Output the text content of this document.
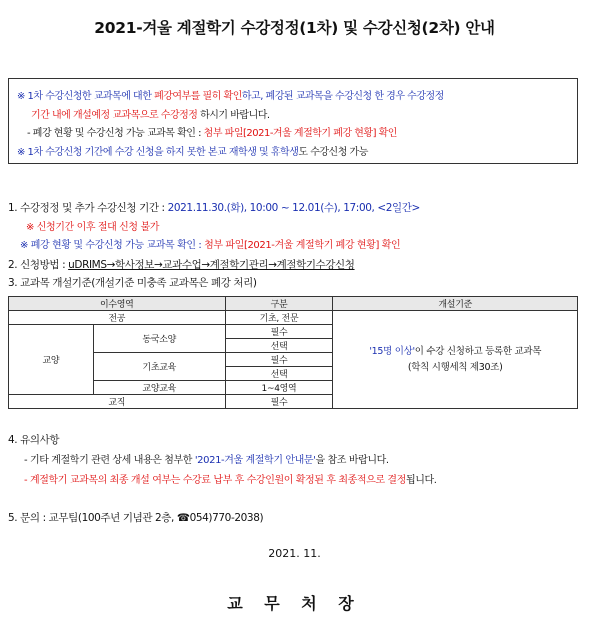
2021-겨울 계절학기 수강정정(1차) 및 수강신청(2차) 안내
※ 1차 수강신청한 교과목에 대한 폐강여부를 필히 확인하고, 폐강된 교과목을 수강신청 한 경우 수강정정
기간 내에 개설예정 교과목으로 수강정정 하시기 바랍니다.
- 폐강 현황 및 수강신청 가능 교과목 확인 : 첨부 파일[2021-겨울 계절학기 폐강 현황] 확인
※ 1차 수강신청 기간에 수강 신청을 하지 못한 본교 재학생 및 휴학생도 수강신청 가능
1. 수강정정 및 추가 수강신청 기간 : 2021.11.30.(화), 10:00 ~ 12.01(수), 17:00, <2일간>
※ 신청기간 이후 절대 신청 불가
※ 폐강 현황 및 수강신청 가능 교과목 확인 : 첨부 파일[2021-겨울 계절학기 폐강 현황] 확인
2. 신청방법 : uDRIMS→학사정보→교과수업→계절학기관리→계절학기수강신청
3. 교과목 개설기준(개설기준 미충족 교과목은 폐강 처리)
이수영역		구분	개설기준
전공		기초, 전문	'15명 이상'이 수강 신청하고 등록한 교과목
(학칙 시행세칙 제30조)

교양	동국소양	필수	
		선택	
	기초교육	필수	
		선택	
	교양교육	1~4영역	
교직		필수	
4. 유의사항
- 기타 계절학기 관련 상세 내용은 첨부한 '2021-겨울 계절학기 안내문'을 참조 바랍니다.
- 계절학기 교과목의 최종 개설 여부는 수강료 납부 후 수강인원이 확정된 후 최종적으로 결정됩니다.
5. 문의 : 교무팀(100주년 기념관 2층, ☎054)770-2038)
2021. 11.
교 무 처 장
